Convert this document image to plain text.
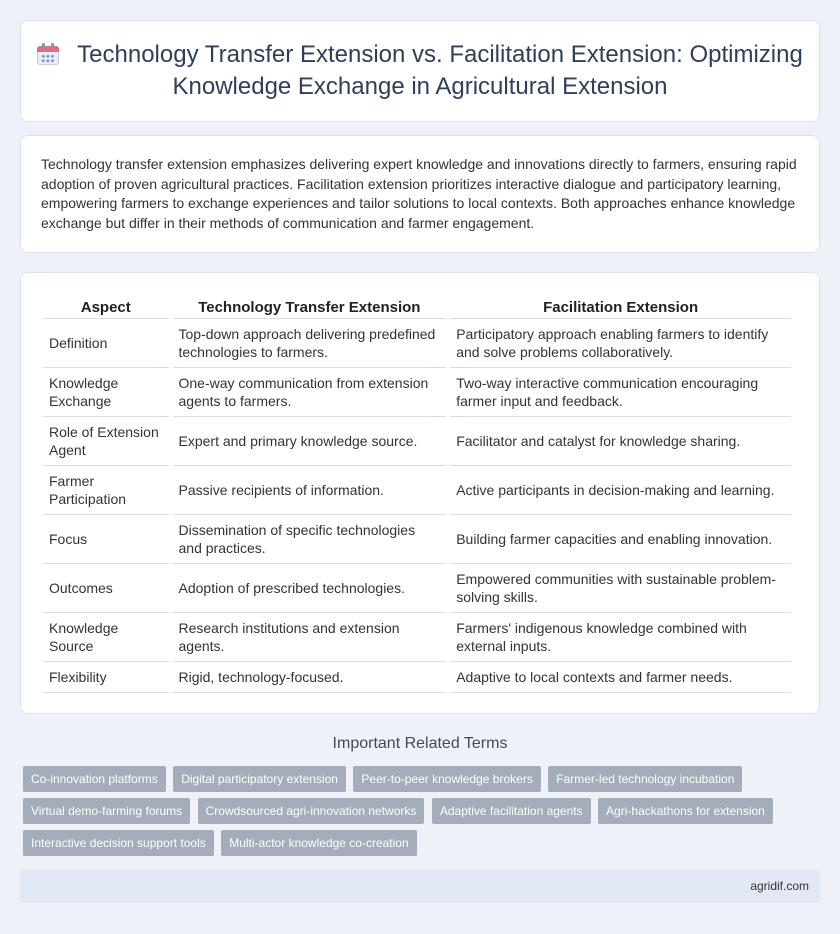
Technology Transfer Extension vs. Facilitation Extension: Optimizing Knowledge Exchange in Agricultural Extension

Technology transfer extension emphasizes delivering expert knowledge and innovations directly to farmers, ensuring rapid adoption of proven agricultural practices. Facilitation extension prioritizes interactive dialogue and participatory learning, empowering farmers to exchange experiences and tailor solutions to local contexts. Both approaches enhance knowledge exchange but differ in their methods of communication and farmer engagement.

Aspect	Technology Transfer Extension	Facilitation Extension
Definition	Top-down approach delivering predefined technologies to farmers.	Participatory approach enabling farmers to identify and solve problems collaboratively.
Knowledge Exchange	One-way communication from extension agents to farmers.	Two-way interactive communication encouraging farmer input and feedback.
Role of Extension Agent	Expert and primary knowledge source.	Facilitator and catalyst for knowledge sharing.
Farmer Participation	Passive recipients of information.	Active participants in decision-making and learning.
Focus	Dissemination of specific technologies and practices.	Building farmer capacities and enabling innovation.
Outcomes	Adoption of prescribed technologies.	Empowered communities with sustainable problem-solving skills.
Knowledge Source	Research institutions and extension agents.	Farmers' indigenous knowledge combined with external inputs.
Flexibility	Rigid, technology-focused.	Adaptive to local contexts and farmer needs.
Important Related Terms
Co-innovation platforms Digital participatory extension Peer-to-peer knowledge brokers Farmer-led technology incubation Virtual demo-farming forums Crowdsourced agri-innovation networks Adaptive facilitation agents Agri-hackathons for extension Interactive decision support tools Multi-actor knowledge co-creation
agridif.com
